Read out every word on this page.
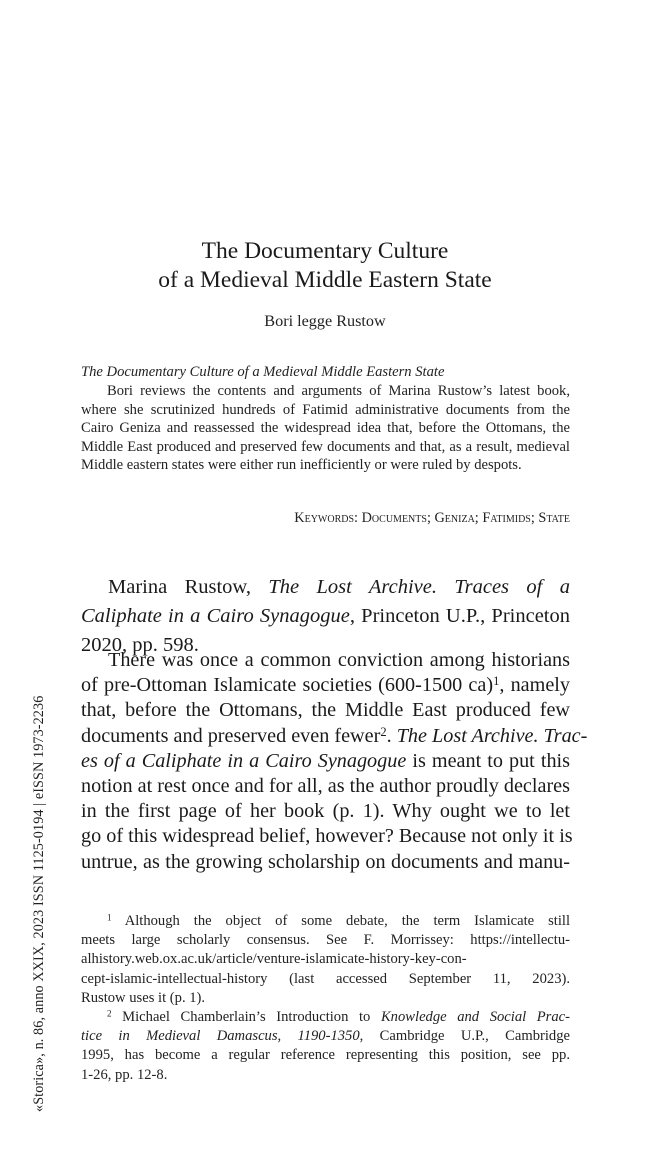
«Storica», n. 86, anno XXIX, 2023 ISSN 1125-0194 | eISSN 1973-2236
The Documentary Culture
of a Medieval Middle Eastern State
Bori legge Rustow
The Documentary Culture of a Medieval Middle Eastern State
Bori reviews the contents and arguments of Marina Rustow’s latest book, where she scrutinized hundreds of Fatimid administrative documents from the Cairo Geniza and reassessed the widespread idea that, before the Ottomans, the Middle East produced and preserved few documents and that, as a result, medieval Middle eastern states were either run inefficiently or were ruled by despots.
Keywords: Documents; Geniza; Fatimids; State
Marina Rustow, The Lost Archive. Traces of a Caliphate in a Cairo Synagogue, Princeton U.P., Princeton 2020, pp. 598.
There was once a common conviction among historians
of pre-Ottoman Islamicate societies (600-1500 ca)$^1$, namely
that, before the Ottomans, the Middle East produced few
documents and preserved even fewer$^2$. The Lost Archive. Trac-
es of a Caliphate in a Cairo Synagogue is meant to put this
notion at rest once and for all, as the author proudly declares
in the first page of her book (p. 1). Why ought we to let
go of this widespread belief, however? Because not only it is
untrue, as the growing scholarship on documents and manu-
$^1$ Although the object of some debate, the term Islamicate still
meets large scholarly consensus. See F. Morrissey: https://intellectu-
alhistory.web.ox.ac.uk/article/venture-islamicate-history-key-con-
cept-islamic-intellectual-history (last accessed September 11, 2023).
Rustow uses it (p. 1).
$^2$ Michael Chamberlain’s Introduction to Knowledge and Social Prac-
tice in Medieval Damascus, 1190-1350, Cambridge U.P., Cambridge
1995, has become a regular reference representing this position, see pp.
1-26, pp. 12-8.
